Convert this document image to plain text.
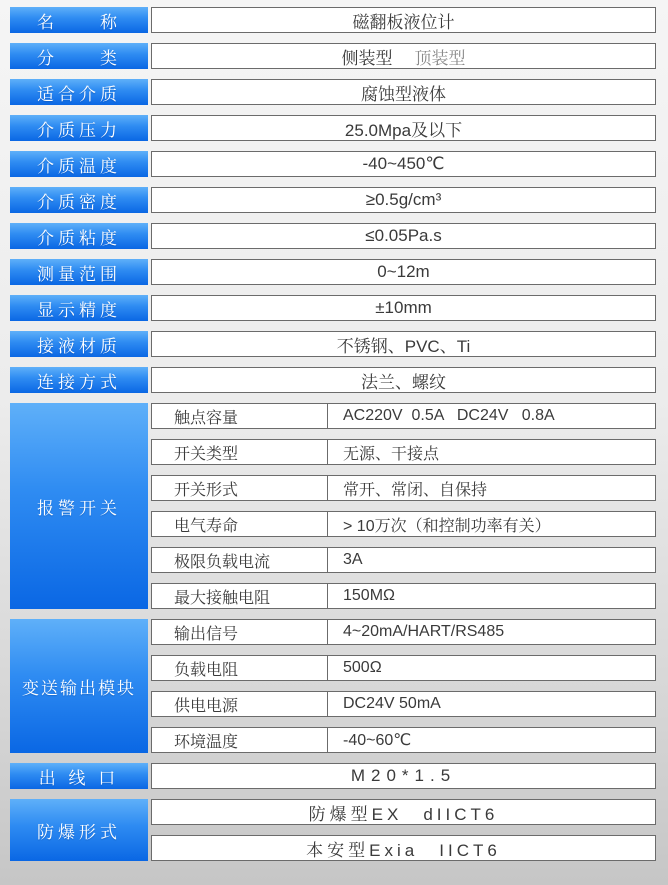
名　　称	磁翻板液位计
分　　类	侧装型 顶装型
适合介质	腐蚀型液体
介质压力	25.0Mpa及以下
介质温度	-40~450℃
介质密度	≥0.5g/cm³
介质粘度	≤0.05Pa.s
测量范围	0~12m
显示精度	±10mm
接液材质	不锈钢、PVC、Ti
连接方式	法兰、螺纹
报警开关
触点容量	AC220V  0.5A   DC24V   0.8A
开关类型	无源、干接点
开关形式	常开、常闭、自保持
电气寿命	> 10万次（和控制功率有关）
极限负载电流	3A
最大接触电阻	150MΩ
变送输出模块
输出信号	4~20mA/HART/RS485
负载电阻	500Ω
供电电源	DC24V 50mA
环境温度	-40~60℃
出 线 口	M20*1.5
防爆形式
防爆型EX　dIICT6
本安型Exia　IICT6
